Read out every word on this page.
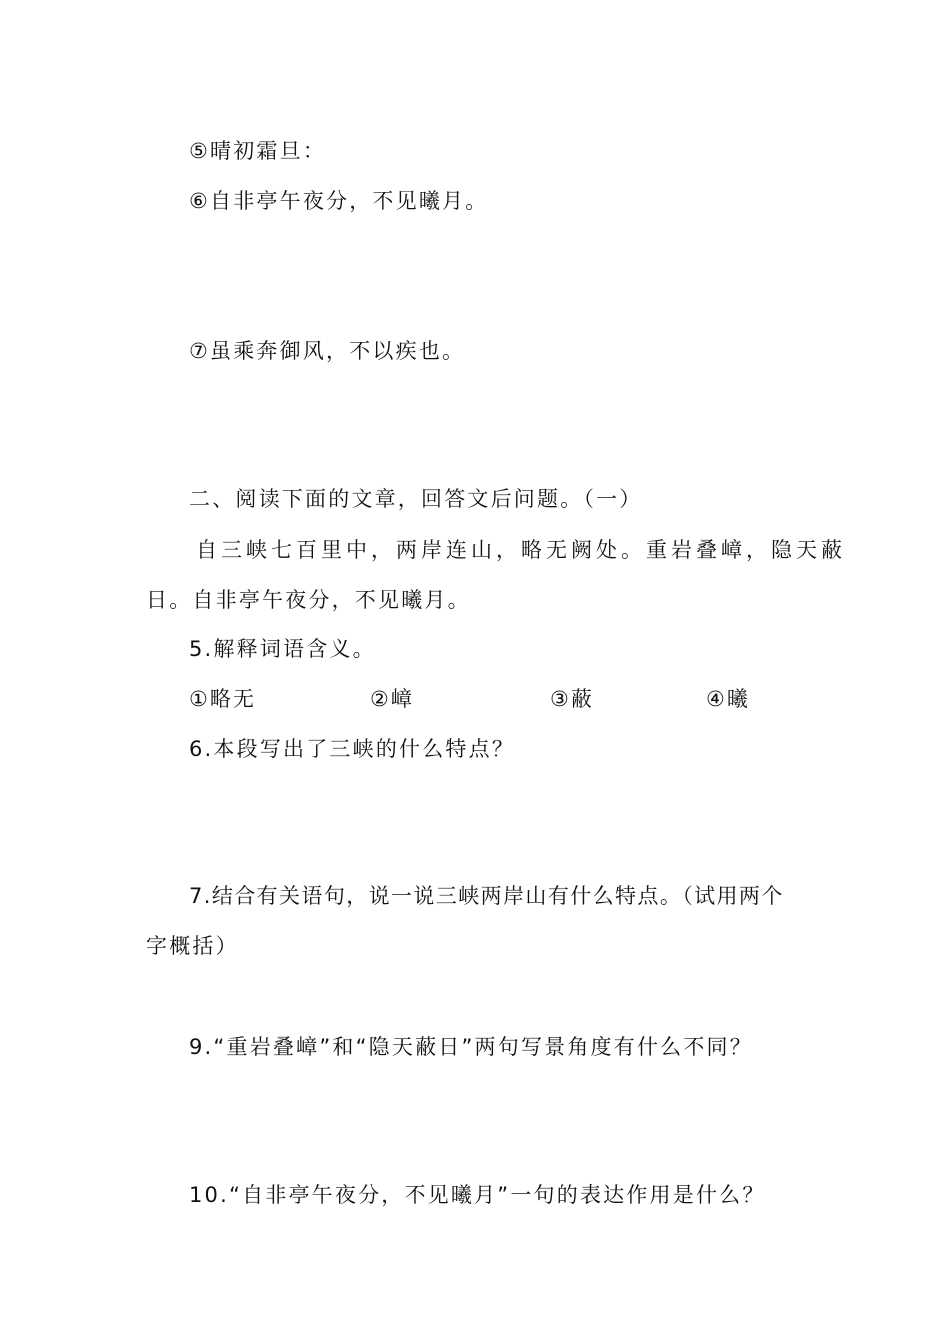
⑤晴初霜旦：
⑥自非亭午夜分，不见曦月。
⑦虽乘奔御风，不以疾也。
二、阅读下面的文章，回答文后问题。（一）
自三峡七百里中，两岸连山，略无阙处。重岩叠嶂，隐天蔽
日。自非亭午夜分，不见曦月。
5.解释词语含义。
①略无	②嶂	③蔽	④曦
6.本段写出了三峡的什么特点？
7.结合有关语句，说一说三峡两岸山有什么特点。（试用两个
字概括）
9.“重岩叠嶂”和“隐天蔽日”两句写景角度有什么不同？
10.“自非亭午夜分，不见曦月”一句的表达作用是什么？
